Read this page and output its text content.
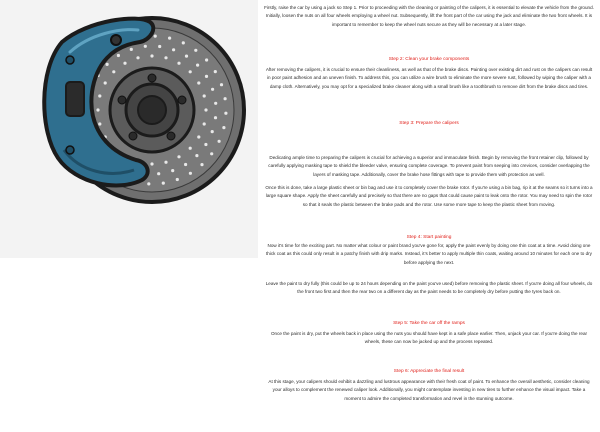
Firstly, raise the car by using a jack so Step 1. Prior to proceeding with the cleaning or painting of the calipers, it is essential to elevate the vehicle from the ground. Initially, loosen the nuts on all four wheels employing a wheel nut. Subsequently, lift the front part of the car using the jack and eliminate the two front wheels. It is important to remember to keep the wheel nuts secure as they will be necessary at a later stage.

Step 2: Clean your brake components

After removing the calipers, it is crucial to ensure their cleanliness, as well as that of the brake discs. Painting over existing dirt and rust on the calipers can result in poor paint adhesion and an uneven finish. To address this, you can utilize a wire brush to eliminate the more severe rust, followed by wiping the caliper with a damp cloth. Alternatively, you may opt for a specialized brake cleaner along with a small brush like a toothbrush to remove dirt from the brake discs and tires.

Step 3: Prepare the calipers

Dedicating ample time to preparing the calipers is crucial for achieving a superior and immaculate finish. Begin by removing the front retainer clip, followed by carefully applying masking tape to shield the bleeder valve, ensuring complete coverage. To prevent paint from seeping into crevices, consider overlapping the layers of masking tape. Additionally, cover the brake hose fittings with tape to provide them with protection as well.

Once this is done, take a large plastic sheet or bin bag and use it to completely cover the brake rotor. If you're using a bin bag, rip it at the seams so it turns into a large square shape. Apply the sheet carefully and precisely so that there are no gaps that could cause paint to leak onto the rotor. You may need to spin the rotor so that it seals the plastic between the brake pads and the rotor. Use some more tape to keep the plastic sheet from moving.

Step 4: Start painting

Now it's time for the exciting part. No matter what colour or paint brand you've gone for, apply the paint evenly by doing one thin coat at a time. Avoid doing one thick coat as this could only result in a patchy finish with drip marks. Instead, it's better to apply multiple thin coats, waiting around 10 minutes for each one to dry before applying the next.

Leave the paint to dry fully (this could be up to 24 hours depending on the paint you've used) before removing the plastic sheet. If you're doing all four wheels, do the front two first and then the rear two on a different day as the paint needs to be completely dry before putting the tyres back on.

Step 5: Take the car off the ramps

Once the paint is dry, put the wheels back in place using the nuts you should have kept in a safe place earlier. Then, unjack your car. If you're doing the rear wheels, these can now be jacked up and the process repeated.

Step 6: Appreciate the final result

At this stage, your calipers should exhibit a dazzling and lustrous appearance with their fresh coat of paint. To enhance the overall aesthetic, consider cleaning your alloys to complement the renewed caliper look. Additionally, you might contemplate investing in new tires to further enhance the visual impact. Take a moment to admire the completed transformation and revel in the stunning outcome.
